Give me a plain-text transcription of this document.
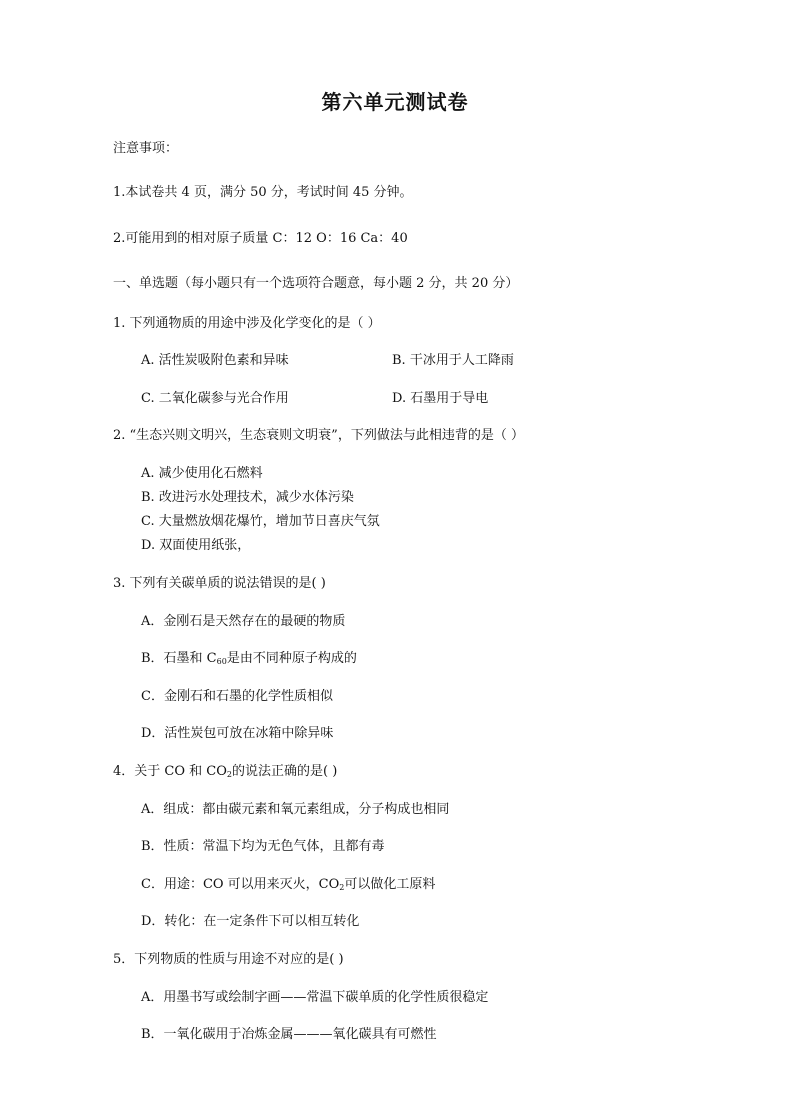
第六单元测试卷
注意事项：
1.本试卷共 4 页，满分 50 分，考试时间 45 分钟。
2.可能用到的相对原子质量 C：12 O：16 Ca：40
一、单选题（每小题只有一个选项符合题意，每小题 2 分，共 20 分）
1. 下列通物质的用途中涉及化学变化的是（ ）
A. 活性炭吸附色素和异味	B. 干冰用于人工降雨
C. 二氧化碳参与光合作用	D. 石墨用于导电
2. “生态兴则文明兴，生态衰则文明衰”，下列做法与此相违背的是（ ）
A. 减少使用化石燃料
B. 改进污水处理技术，减少水体污染
C. 大量燃放烟花爆竹，增加节日喜庆气氛
D. 双面使用纸张，
3. 下列有关碳单质的说法错误的是( )
A．金刚石是天然存在的最硬的物质
B．石墨和 $C_{60}$是由不同种原子构成的
C．金刚石和石墨的化学性质相似
D．活性炭包可放在冰箱中除异味
4．关于 CO 和 $CO_2$的说法正确的是( )
A．组成：都由碳元素和氧元素组成，分子构成也相同
B．性质：常温下均为无色气体，且都有毒
C．用途：CO 可以用来灭火，$CO_2$可以做化工原料
D．转化：在一定条件下可以相互转化
5．下列物质的性质与用途不对应的是( )
A．用墨书写或绘制字画——常温下碳单质的化学性质很稳定
B．一氧化碳用于冶炼金属———氧化碳具有可燃性
